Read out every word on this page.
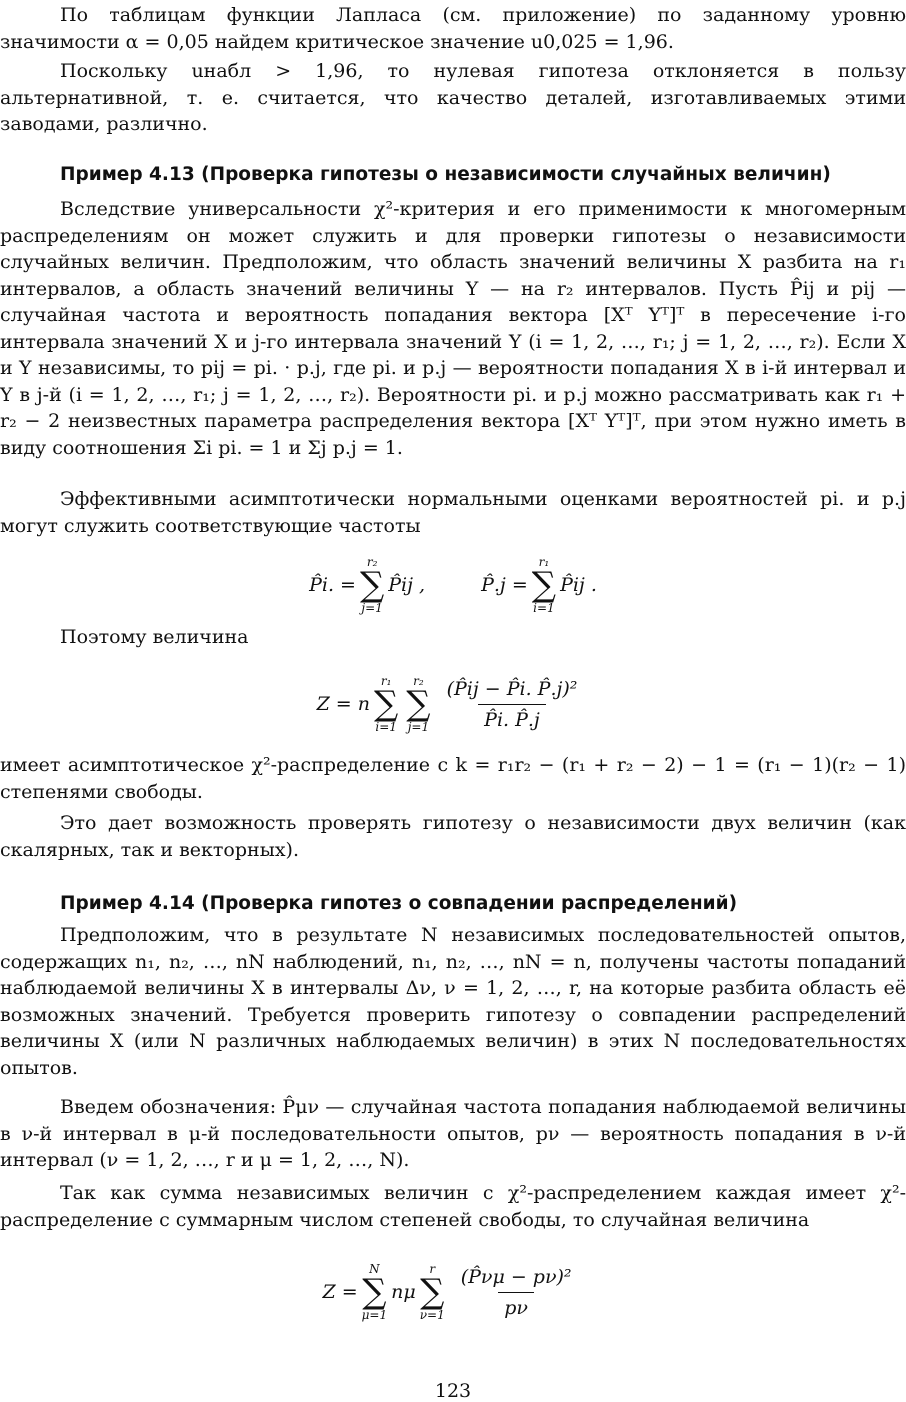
По таблицам функции Лапласа (см. приложение) по заданному уровню значимости α = 0,05 найдем критическое значение u0,025 = 1,96.

Поскольку uнабл > 1,96, то нулевая гипотеза отклоняется в пользу альтернативной, т. е. считается, что качество деталей, изготавливаемых этими заводами, различно.

Пример 4.13 (Проверка гипотезы о независимости случайных величин)

Вследствие универсальности χ²-критерия и его применимости к многомерным распределениям он может служить и для проверки гипотезы о независимости случайных величин. Предположим, что область значений величины X разбита на r₁ интервалов, а область значений величины Y — на r₂ интервалов. Пусть P̂ij и pij — случайная частота и вероятность попадания вектора [Xᵀ Yᵀ]ᵀ в пересечение i-го интервала значений X и j-го интервала значений Y (i = 1, 2, …, r₁; j = 1, 2, …, r₂). Если X и Y независимы, то pij = pi. · p.j, где pi. и p.j — вероятности попадания X в i-й интервал и Y в j-й (i = 1, 2, …, r₁; j = 1, 2, …, r₂). Вероятности pi. и p.j можно рассматривать как r₁ + r₂ − 2 неизвестных параметра распределения вектора [Xᵀ Yᵀ]ᵀ, при этом нужно иметь в виду соотношения Σi pi. = 1 и Σj p.j = 1.

Эффективными асимптотически нормальными оценками вероятностей pi. и p.j могут служить соответствующие частоты

P̂i. =
r₂
∑
j=1
P̂ij ,	P̂.j =
r₁
∑
i=1
P̂ij .

Поэтому величина

Z = n
r₁
∑
i=1
r₂
∑
$j=1 \frac{\text{(P̂ij − P̂i. P̂.j)²}}{P̂i. P̂.j}$

имеет асимптотическое χ²-распределение с k = r₁r₂ − (r₁ + r₂ − 2) − 1 = (r₁ − 1)(r₂ − 1) степенями свободы.

Это дает возможность проверять гипотезу о независимости двух величин (как скалярных, так и векторных).

Пример 4.14 (Проверка гипотез о совпадении распределений)

Предположим, что в результате N независимых последовательностей опытов, содержащих n₁, n₂, …, nN наблюдений, n₁, n₂, …, nN = n, получены частоты попаданий наблюдаемой величины X в интервалы Δν, ν = 1, 2, …, r, на которые разбита область её возможных значений. Требуется проверить гипотезу о совпадении распределений величины X (или N различных наблюдаемых величин) в этих N последовательностях опытов.

Введем обозначения: P̂μν — случайная частота попадания наблюдаемой величины в ν-й интервал в μ-й последовательности опытов, pν — вероятность попадания в ν-й интервал (ν = 1, 2, …, r и μ = 1, 2, …, N).

Так как сумма независимых величин с χ²-распределением каждая имеет χ²-распределение с суммарным числом степеней свободы, то случайная величина

Z =
N
∑
μ=1
nμ
r
∑
$\nu=1 \frac{\text{(P̂νμ − pν)²}}{p\nu}$
123
